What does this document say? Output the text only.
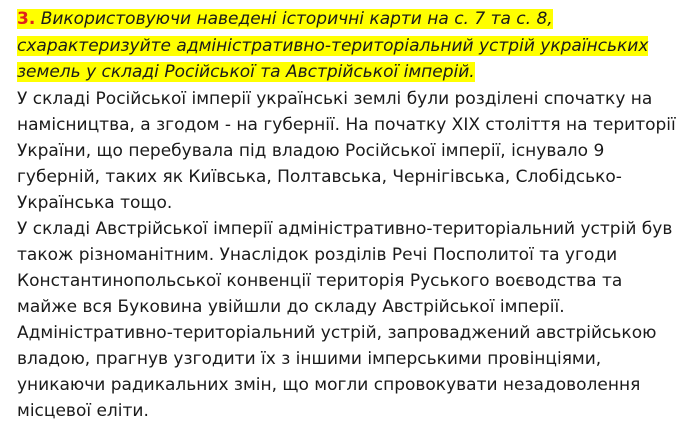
3. Використовуючи наведені історичні карти на с. 7 та с. 8, схарактеризуйте адміністративно-територіальний устрій українських земель у складі Російської та Австрійської імперій.

У складі Російської імперії українські землі були розділені спочатку на намісництва, а згодом - на губернії. На початку XIX століття на території України, що перебувала під владою Російської імперії, існувало 9 губерній, таких як Київська, Полтавська, Чернігівська, Слобідсько-Українська тощо.

У складі Австрійської імперії адміністративно-територіальний устрій був також різноманітним. Унаслідок розділів Речі Посполитої та угоди Константинопольської конвенції територія Руського воєводства та майже вся Буковина увійшли до складу Австрійської імперії. Адміністративно-територіальний устрій, запроваджений австрійською владою, прагнув узгодити їх з іншими імперськими провінціями, уникаючи радикальних змін, що могли спровокувати незадоволення місцевої еліти.
